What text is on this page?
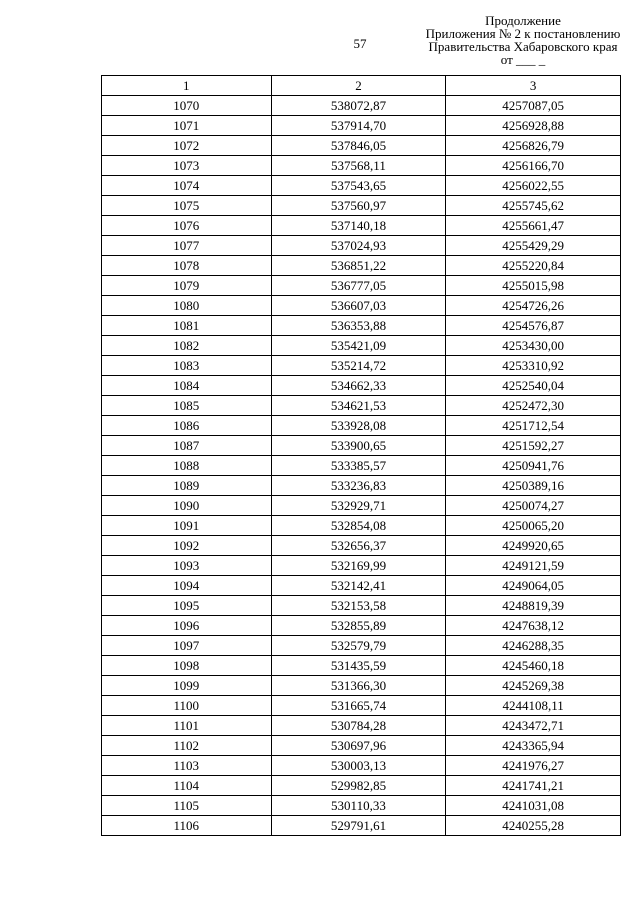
57
Продолжение
Приложения № 2 к постановлению
Правительства Хабаровского края
от ___ _
1	2	3
1070	538072,87	4257087,05
1071	537914,70	4256928,88
1072	537846,05	4256826,79
1073	537568,11	4256166,70
1074	537543,65	4256022,55
1075	537560,97	4255745,62
1076	537140,18	4255661,47
1077	537024,93	4255429,29
1078	536851,22	4255220,84
1079	536777,05	4255015,98
1080	536607,03	4254726,26
1081	536353,88	4254576,87
1082	535421,09	4253430,00
1083	535214,72	4253310,92
1084	534662,33	4252540,04
1085	534621,53	4252472,30
1086	533928,08	4251712,54
1087	533900,65	4251592,27
1088	533385,57	4250941,76
1089	533236,83	4250389,16
1090	532929,71	4250074,27
1091	532854,08	4250065,20
1092	532656,37	4249920,65
1093	532169,99	4249121,59
1094	532142,41	4249064,05
1095	532153,58	4248819,39
1096	532855,89	4247638,12
1097	532579,79	4246288,35
1098	531435,59	4245460,18
1099	531366,30	4245269,38
1100	531665,74	4244108,11
1101	530784,28	4243472,71
1102	530697,96	4243365,94
1103	530003,13	4241976,27
1104	529982,85	4241741,21
1105	530110,33	4241031,08
1106	529791,61	4240255,28
